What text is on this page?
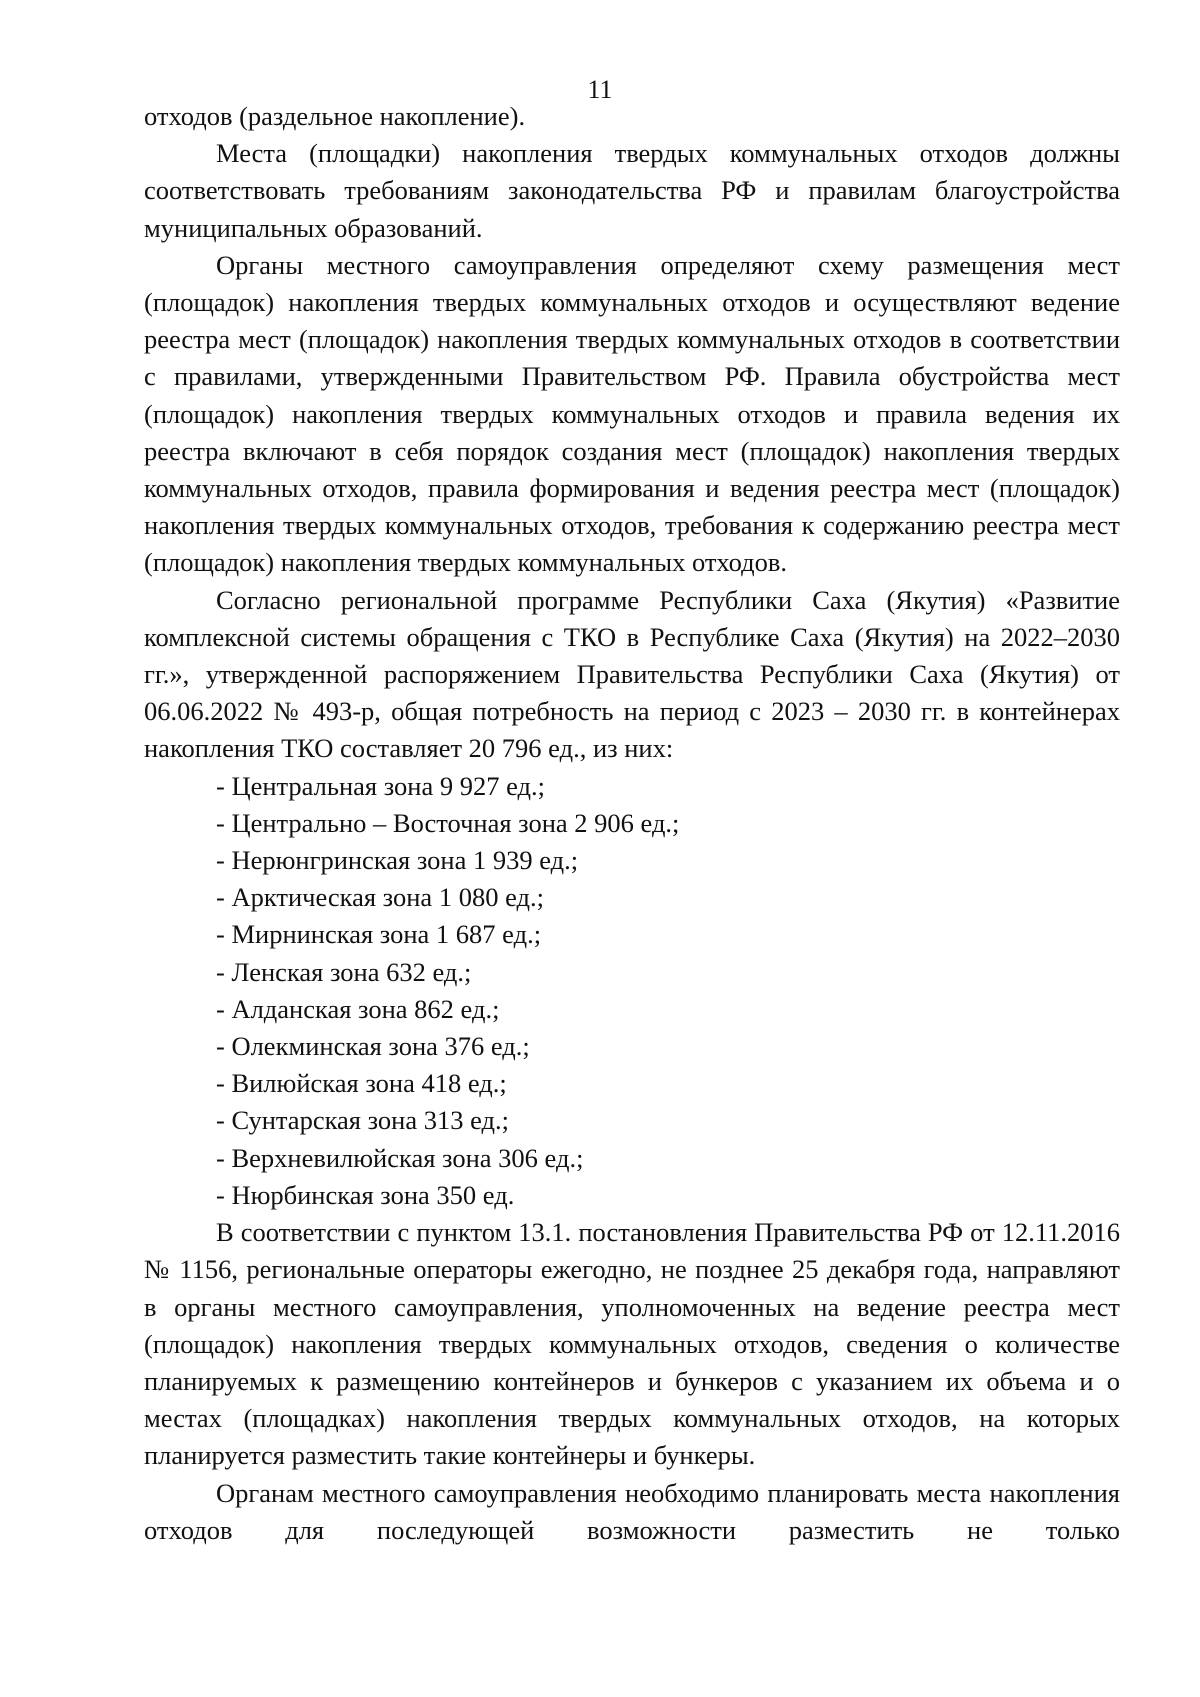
11

отходов (раздельное накопление).

Места (площадки) накопления твердых коммунальных отходов должны соответствовать требованиям законодательства РФ и правилам благоустройства муниципальных образований.

Органы местного самоуправления определяют схему размещения мест (площадок) накопления твердых коммунальных отходов и осуществляют ведение реестра мест (площадок) накопления твердых коммунальных отходов в соответствии с правилами, утвержденными Правительством РФ. Правила обустройства мест (площадок) накопления твердых коммунальных отходов и правила ведения их реестра включают в себя порядок создания мест (площадок) накопления твердых коммунальных отходов, правила формирования и ведения реестра мест (площадок) накопления твердых коммунальных отходов, требования к содержанию реестра мест (площадок) накопления твердых коммунальных отходов.

Согласно региональной программе Республики Саха (Якутия) «Развитие комплексной системы обращения с ТКО в Республике Саха (Якутия) на 2022–2030 гг.», утвержденной распоряжением Правительства Республики Саха (Якутия) от 06.06.2022 № 493-р, общая потребность на период с 2023 – 2030 гг. в контейнерах накопления ТКО составляет 20 796 ед., из них:

- Центральная зона 9 927 ед.;
- Центрально – Восточная зона 2 906 ед.;
- Нерюнгринская зона 1 939 ед.;
- Арктическая зона 1 080 ед.;
- Мирнинская зона 1 687 ед.;
- Ленская зона 632 ед.;
- Алданская зона 862 ед.;
- Олекминская зона 376 ед.;
- Вилюйская зона 418 ед.;
- Сунтарская зона 313 ед.;
- Верхневилюйская зона 306 ед.;
- Нюрбинская зона 350 ед.

В соответствии с пунктом 13.1. постановления Правительства РФ от 12.11.2016 № 1156, региональные операторы ежегодно, не позднее 25 декабря года, направляют в органы местного самоуправления, уполномоченных на ведение реестра мест (площадок) накопления твердых коммунальных отходов, сведения о количестве планируемых к размещению контейнеров и бункеров с указанием их объема и о местах (площадках) накопления твердых коммунальных отходов, на которых планируется разместить такие контейнеры и бункеры.

Органам местного самоуправления необходимо планировать места накопления отходов для последующей возможности разместить не только
